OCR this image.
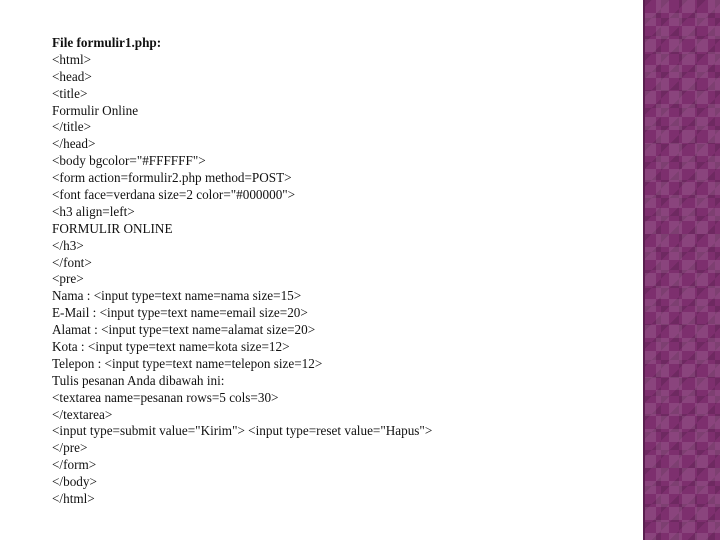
File formulir1.php:
<html>
<head>
<title>
Formulir Online
</title>
</head>
<body bgcolor="#FFFFFF">
<form action=formulir2.php method=POST>
<font face=verdana size=2 color="#000000">
<h3 align=left>
FORMULIR ONLINE
</h3>
</font>
<pre>
Nama : <input type=text name=nama size=15>
E-Mail : <input type=text name=email size=20>
Alamat : <input type=text name=alamat size=20>
Kota : <input type=text name=kota size=12>
Telepon : <input type=text name=telepon size=12>
Tulis pesanan Anda dibawah ini:
<textarea name=pesanan rows=5 cols=30>
</textarea>
<input type=submit value="Kirim"> <input type=reset value="Hapus">
</pre>
</form>
</body>
</html>
